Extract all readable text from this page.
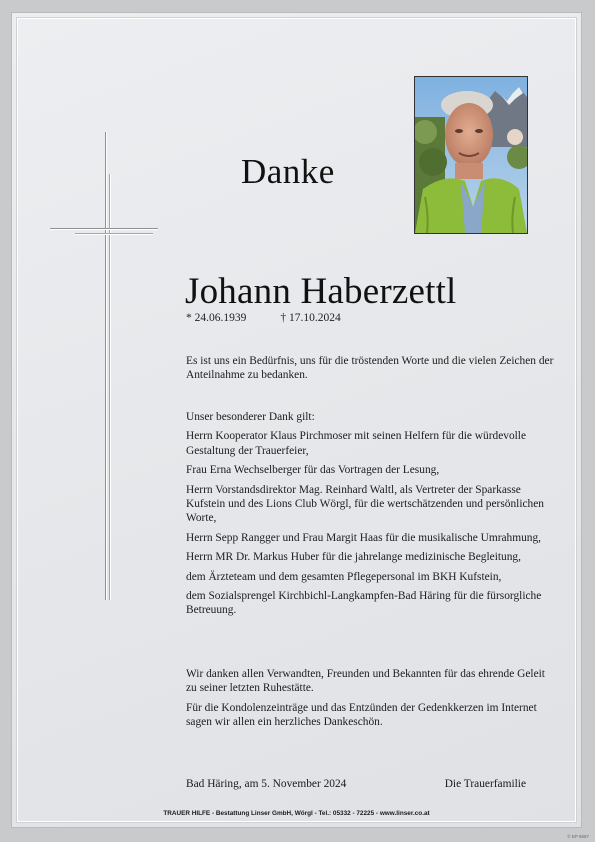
Danke
Johann Haberzettl
* 24.06.1939	† 17.10.2024

Es ist uns ein Bedürfnis, uns für die tröstenden Worte und die vielen Zeichen der Anteilnahme zu bedanken.

Unser besonderer Dank gilt:

Herrn Kooperator Klaus Pirchmoser mit seinen Helfern für die würdevolle Gestaltung der Trauerfeier,

Frau Erna Wechselberger für das Vortragen der Lesung,

Herrn Vorstandsdirektor Mag. Reinhard Waltl, als Vertreter der Sparkasse Kufstein und des Lions Club Wörgl, für die wertschätzenden und persönlichen Worte,

Herrn Sepp Rangger und Frau Margit Haas für die musikalische Umrahmung,

Herrn MR Dr. Markus Huber für die jahrelange medizinische Begleitung,

dem Ärzteteam und dem gesamten Pflegepersonal im BKH Kufstein,

dem Sozialsprengel Kirchbichl-Langkampfen-Bad Häring für die fürsorgliche Betreuung.

Wir danken allen Verwandten, Freunden und Bekannten für das ehrende Geleit zu seiner letzten Ruhestätte.

Für die Kondolenzeinträge und das Entzünden der Gedenkkerzen im Internet sagen wir allen ein herzliches Dankeschön.

Bad Häring, am 5. November 2024	Die Trauerfamilie
TRAUER HILFE - Bestattung Linser GmbH, Wörgl - Tel.: 05332 - 72225 - www.linser.co.at
© EP 9687
